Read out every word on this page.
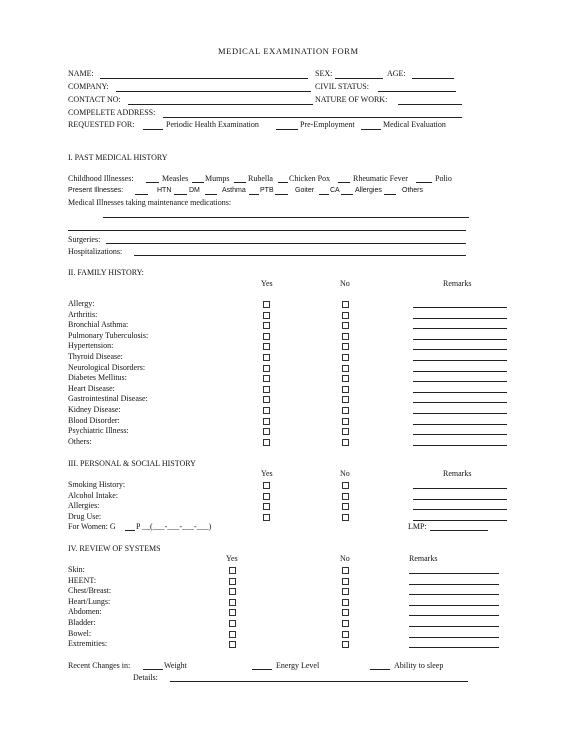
MEDICAL EXAMINATION FORM
NAME:	SEX:	AGE:
COMPANY:	CIVIL STATUS:
CONTACT NO:	NATURE OF WORK:
COMPELETE ADDRESS:
REQUESTED FOR:	Periodic Health Examination	Pre-Employment	Medical Evaluation
I. PAST MEDICAL HISTORY
Childhood Illnesses:	Measles Mumps Rubella Chicken Pox	Rheumatic Fever	Polio
Present Illnesses:	HTN	DM	Asthma PTB	Goiter CA Allergies	Others
Medical Illnesses taking maintenance medications:
Surgeries:
Hospitalizations:
II. FAMILY HISTORY:
Yes	No	Remarks
Allergy:
Arthritis:
Bronchial Asthma:
Pulmonary Tuberculosis:
Hypertension:
Thyroid Disease:
Neurological Disorders:
Diabetes Mellitus:
Heart Disease:
Gastrointestinal Disease:
Kidney Disease:
Blood Disorder:
Psychiatric Illness:
Others:
III. PERSONAL & SOCIAL HISTORY
Yes	No	Remarks
Smoking History:
Alcohol Intake:
Allergies:
Drug Use:
For Women: G	P __(___-___-___-___)	LMP:
IV. REVIEW OF SYSTEMS
Yes	No	Remarks
Skin:
HEENT:
Chest/Breast:
Heart/Lungs:
Abdomen:
Bladder:
Bowel:
Extremities:
Recent Changes in:	Weight	Energy Level	Ability to sleep
Details:
